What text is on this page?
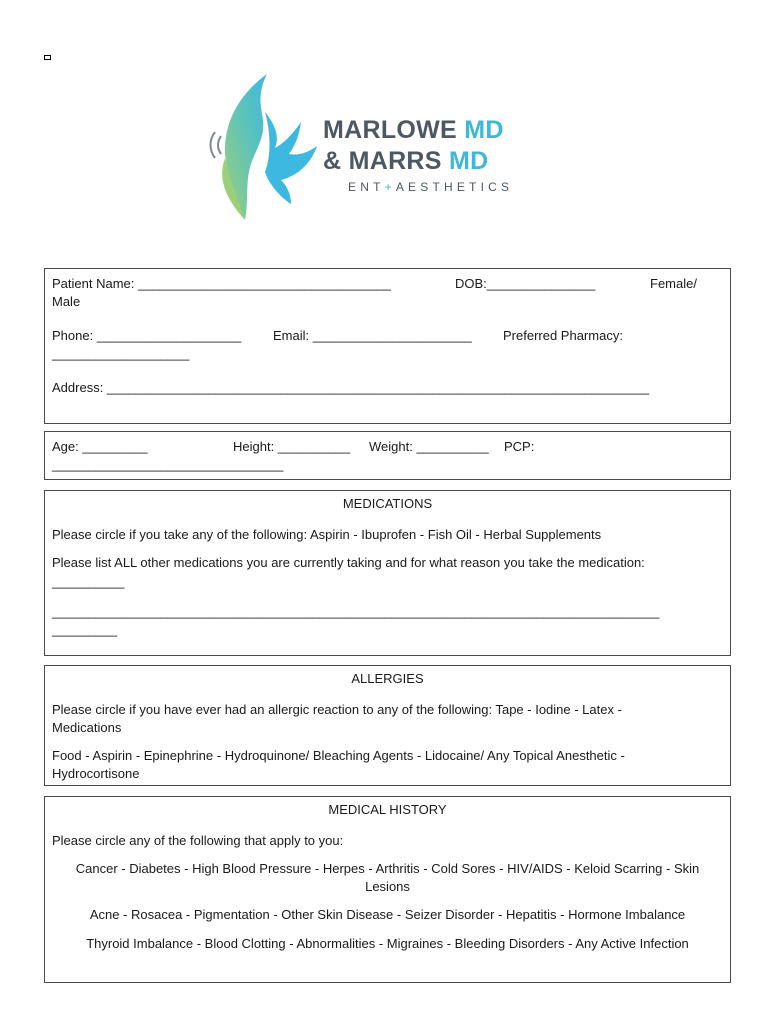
MARLOWE MD
& MARRS MD
ENT+AESTHETICS
Patient Name: ___________________________________	DOB:_______________	Female/
Male
Phone: ____________________ Email: ______________________ Preferred Pharmacy:
___________________
Address: ___________________________________________________________________________
Age: _________	Height: __________ Weight: __________ PCP:
________________________________
MEDICATIONS
Please circle if you take any of the following: Aspirin - Ibuprofen - Fish Oil - Herbal Supplements
Please list ALL other medications you are currently taking and for what reason you take the medication:
__________
____________________________________________________________________________________
_________
ALLERGIES
Please circle if you have ever had an allergic reaction to any of the following: Tape - Iodine - Latex -
Medications
Food - Aspirin - Epinephrine - Hydroquinone/ Bleaching Agents - Lidocaine/ Any Topical Anesthetic -
Hydrocortisone
MEDICAL HISTORY
Please circle any of the following that apply to you:
Cancer - Diabetes - High Blood Pressure - Herpes - Arthritis - Cold Sores - HIV/AIDS - Keloid Scarring - Skin
Lesions
Acne - Rosacea - Pigmentation - Other Skin Disease - Seizer Disorder - Hepatitis - Hormone Imbalance
Thyroid Imbalance - Blood Clotting - Abnormalities - Migraines - Bleeding Disorders - Any Active Infection
